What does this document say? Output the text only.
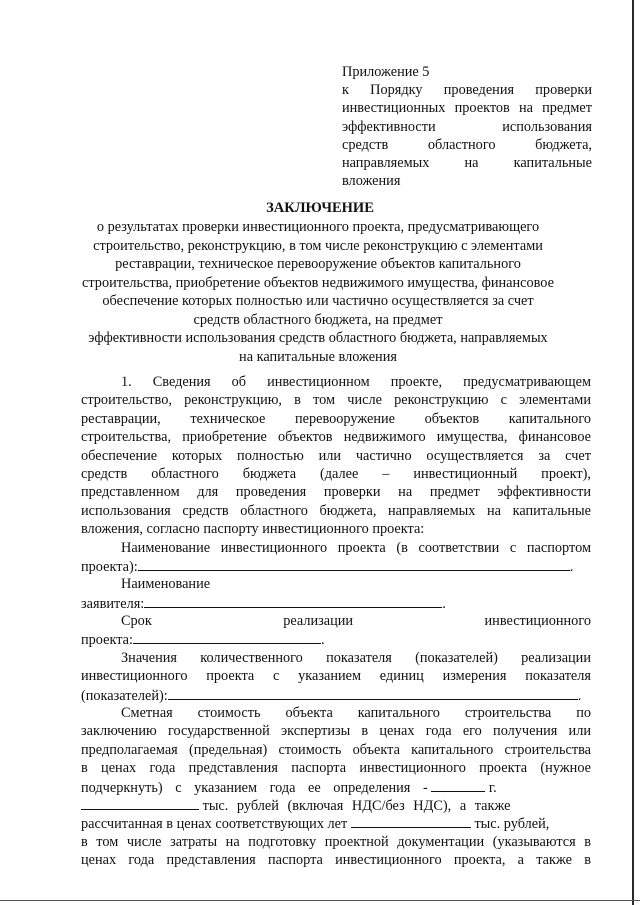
Приложение 5
к Порядку проведения проверки
инвестиционных проектов на предмет
эффективности использования
средств областного бюджета,
направляемых на капитальные
вложения
ЗАКЛЮЧЕНИЕ
о результатах проверки инвестиционного проекта, предусматривающего
строительство, реконструкцию, в том числе реконструкцию с элементами
реставрации, техническое перевооружение объектов капитального
строительства, приобретение объектов недвижимого имущества, финансовое
обеспечение которых полностью или частично осуществляется за счет
средств областного бюджета, на предмет
эффективности использования средств областного бюджета, направляемых
на капитальные вложения
1. Сведения об инвестиционном проекте, предусматривающем
строительство, реконструкцию, в том числе реконструкцию с элементами
реставрации, техническое перевооружение объектов капитального
строительства, приобретение объектов недвижимого имущества, финансовое
обеспечение которых полностью или частично осуществляется за счет
средств областного бюджета (далее – инвестиционный проект),
представленном для проведения проверки на предмет эффективности
использования средств областного бюджета, направляемых на капитальные
вложения, согласно паспорту инвестиционного проекта:
Наименование инвестиционного проекта (в соответствии с паспортом
проекта):	.
Наименование
заявителя:	.
Срок реализации инвестиционного
проекта:	.
Значения количественного показателя (показателей) реализации
инвестиционного проекта с указанием единиц измерения показателя
(показателей):	.
Сметная стоимость объекта капитального строительства по
заключению государственной экспертизы в ценах года его получения или
предполагаемая (предельная) стоимость объекта капитального строительства
в ценах года представления паспорта инвестиционного проекта (нужное
подчеркнуть) с указанием года ее определения -	г.
тыс. рублей (включая НДС/без НДС), а также
рассчитанная в ценах соответствующих лет	тыс. рублей,
в том числе затраты на подготовку проектной документации (указываются в
ценах года представления паспорта инвестиционного проекта, а также в
